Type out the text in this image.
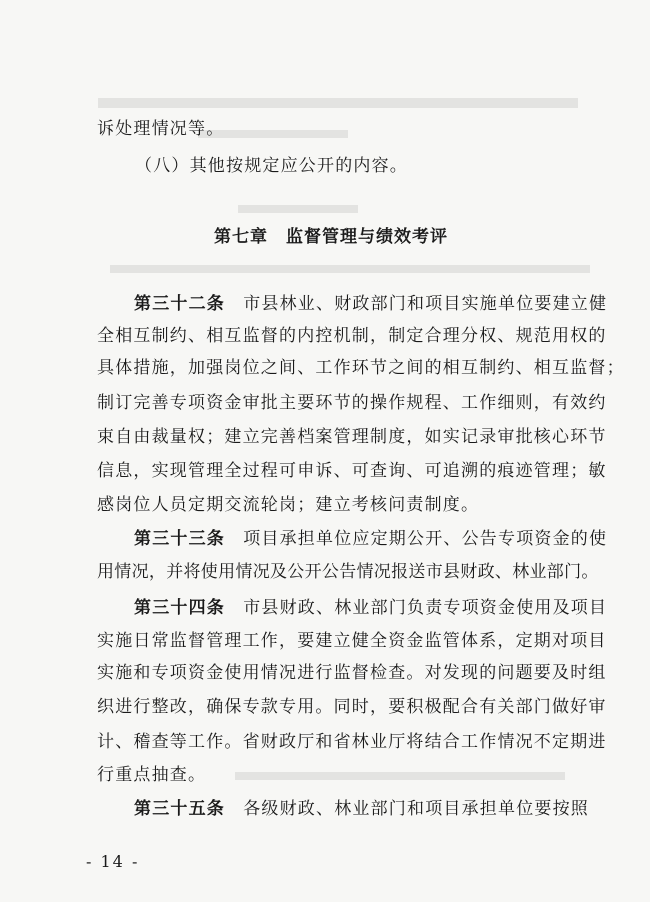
诉处理情况等。
（八）其他按规定应公开的内容。
第七章　监督管理与绩效考评
第三十二条　市县林业、财政部门和项目实施单位要建立健
全相互制约、相互监督的内控机制，制定合理分权、规范用权的
具体措施，加强岗位之间、工作环节之间的相互制约、相互监督；
制订完善专项资金审批主要环节的操作规程、工作细则，有效约
束自由裁量权；建立完善档案管理制度，如实记录审批核心环节
信息，实现管理全过程可申诉、可查询、可追溯的痕迹管理；敏
感岗位人员定期交流轮岗；建立考核问责制度。
第三十三条　项目承担单位应定期公开、公告专项资金的使
用情况，并将使用情况及公开公告情况报送市县财政、林业部门。
第三十四条　市县财政、林业部门负责专项资金使用及项目
实施日常监督管理工作，要建立健全资金监管体系，定期对项目
实施和专项资金使用情况进行监督检查。对发现的问题要及时组
织进行整改，确保专款专用。同时，要积极配合有关部门做好审
计、稽查等工作。省财政厅和省林业厅将结合工作情况不定期进
行重点抽查。
第三十五条　各级财政、林业部门和项目承担单位要按照
- 14 -
